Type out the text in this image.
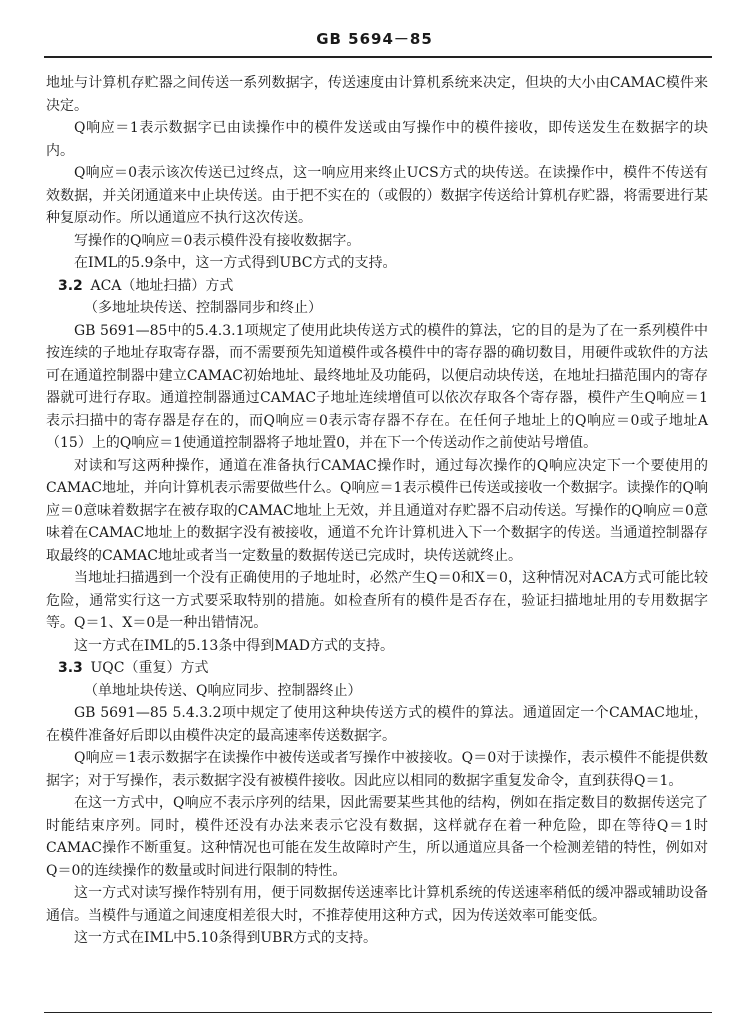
GB 5694－85

地址与计算机存贮器之间传送一系列数据字，传送速度由计算机系统来决定，但块的大小由CAMAC模件来决定。

Q响应＝1表示数据字已由读操作中的模件发送或由写操作中的模件接收，即传送发生在数据字的块内。

Q响应＝0表示该次传送已过终点，这一响应用来终止UCS方式的块传送。在读操作中，模件不传送有效数据，并关闭通道来中止块传送。由于把不实在的（或假的）数据字传送给计算机存贮器，将需要进行某种复原动作。所以通道应不执行这次传送。

写操作的Q响应＝0表示模件没有接收数据字。

在IML的5.9条中，这一方式得到UBC方式的支持。

3.2 ACA（地址扫描）方式

（多地址块传送、控制器同步和终止）

GB 5691—85中的5.4.3.1项规定了使用此块传送方式的模件的算法，它的目的是为了在一系列模件中按连续的子地址存取寄存器，而不需要预先知道模件或各模件中的寄存器的确切数目，用硬件或软件的方法可在通道控制器中建立CAMAC初始地址、最终地址及功能码，以便启动块传送，在地址扫描范围内的寄存器就可进行存取。通道控制器通过CAMAC子地址连续增值可以依次存取各个寄存器，模件产生Q响应＝1表示扫描中的寄存器是存在的，而Q响应＝0表示寄存器不存在。在任何子地址上的Q响应＝0或子地址A（15）上的Q响应＝1使通道控制器将子地址置0，并在下一个传送动作之前使站号增值。

对读和写这两种操作，通道在准备执行CAMAC操作时，通过每次操作的Q响应决定下一个要使用的CAMAC地址，并向计算机表示需要做些什么。Q响应＝1表示模件已传送或接收一个数据字。读操作的Q响应＝0意味着数据字在被存取的CAMAC地址上无效，并且通道对存贮器不启动传送。写操作的Q响应＝0意味着在CAMAC地址上的数据字没有被接收，通道不允许计算机进入下一个数据字的传送。当通道控制器存取最终的CAMAC地址或者当一定数量的数据传送已完成时，块传送就终止。

当地址扫描遇到一个没有正确使用的子地址时，必然产生Q＝0和X＝0，这种情况对ACA方式可能比较危险，通常实行这一方式要采取特别的措施。如检查所有的模件是否存在，验证扫描地址用的专用数据字等。Q＝1、X＝0是一种出错情况。

这一方式在IML的5.13条中得到MAD方式的支持。

3.3 UQC（重复）方式

（单地址块传送、Q响应同步、控制器终止）

GB 5691—85 5.4.3.2项中规定了使用这种块传送方式的模件的算法。通道固定一个CAMAC地址，在模件准备好后即以由模件决定的最高速率传送数据字。

Q响应＝1表示数据字在读操作中被传送或者写操作中被接收。Q＝0对于读操作，表示模件不能提供数据字；对于写操作，表示数据字没有被模件接收。因此应以相同的数据字重复发命令，直到获得Q＝1。

在这一方式中，Q响应不表示序列的结果，因此需要某些其他的结构，例如在指定数目的数据传送完了时能结束序列。同时，模件还没有办法来表示它没有数据，这样就存在着一种危险，即在等待Q＝1时CAMAC操作不断重复。这种情况也可能在发生故障时产生，所以通道应具备一个检测差错的特性，例如对Q＝0的连续操作的数量或时间进行限制的特性。

这一方式对读写操作特别有用，便于同数据传送速率比计算机系统的传送速率稍低的缓冲器或辅助设备通信。当模件与通道之间速度相差很大时，不推荐使用这种方式，因为传送效率可能变低。

这一方式在IML中5.10条得到UBR方式的支持。
